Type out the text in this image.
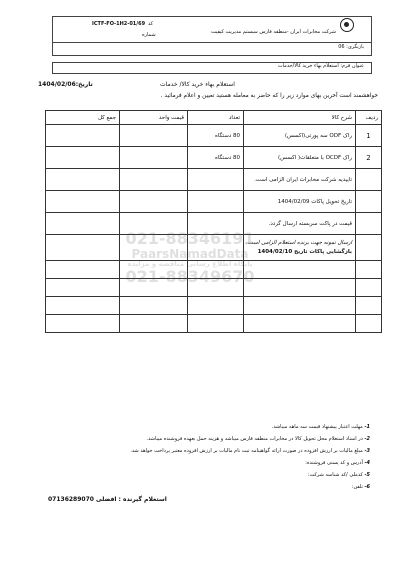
شرکت مخابرات ایران -منطقه فارس سیستم مدیریت کیفیت
کد
ICTF-FO-1H2-01/69
شماره
بازنگری: 06
عنوان فرم: استعلام بهاء خرید کالا/خدمات
استعلام بهاء خرید کالا/ خدمات
تاریخ:1404/02/06
خواهشمند است آخرین بهای موارد زیر را که حاضر به معامله هستید تعیین و اعلام فرمائید .
ردیف	شرح کالا	تعداد	قیمت واحد	جمع کل
1	راک ODF سه پورتی(اکسس)	80 دستگاه		
2	راک OCDF با متعلقات( اکسس)	80 دستگاه		
	تاییدیه شرکت مخابرات ایران الزامی است.			
	تاریخ تحویل پاکات 1404/02/09			
	قیمت در پاکت سربسته ارسال گردد.			

	ارسال نمونه جهت برنده استعلام الزامی است.
بازگشایی پاکات تاریخ 1404/02/10			

021-88346191
PaarsNamadData
پایگاه اطلاع رسانی مناقصه و مزایده
021-88349670
1- مهلت اعتبار پیشنهاد قیمت سه ماهه میباشد.
2- در اسناد استعلام محل تحویل کالا در مخابرات منطقه فارس میباشد و هزینه حمل بعهده فروشنده میباشد.
3- مبلغ مالیات بر ارزش افزوده در صورت ارائه گواهینامه ثبت نام مالیات بر ارزش افزوده معتبر پرداخت خواهد شد.
4- آدرس و کد پستی فروشنده:
5- کدملی /کد شناسه شرکت:
6- تلفن:
استعلام گیرنده : افضلی 07136289070
